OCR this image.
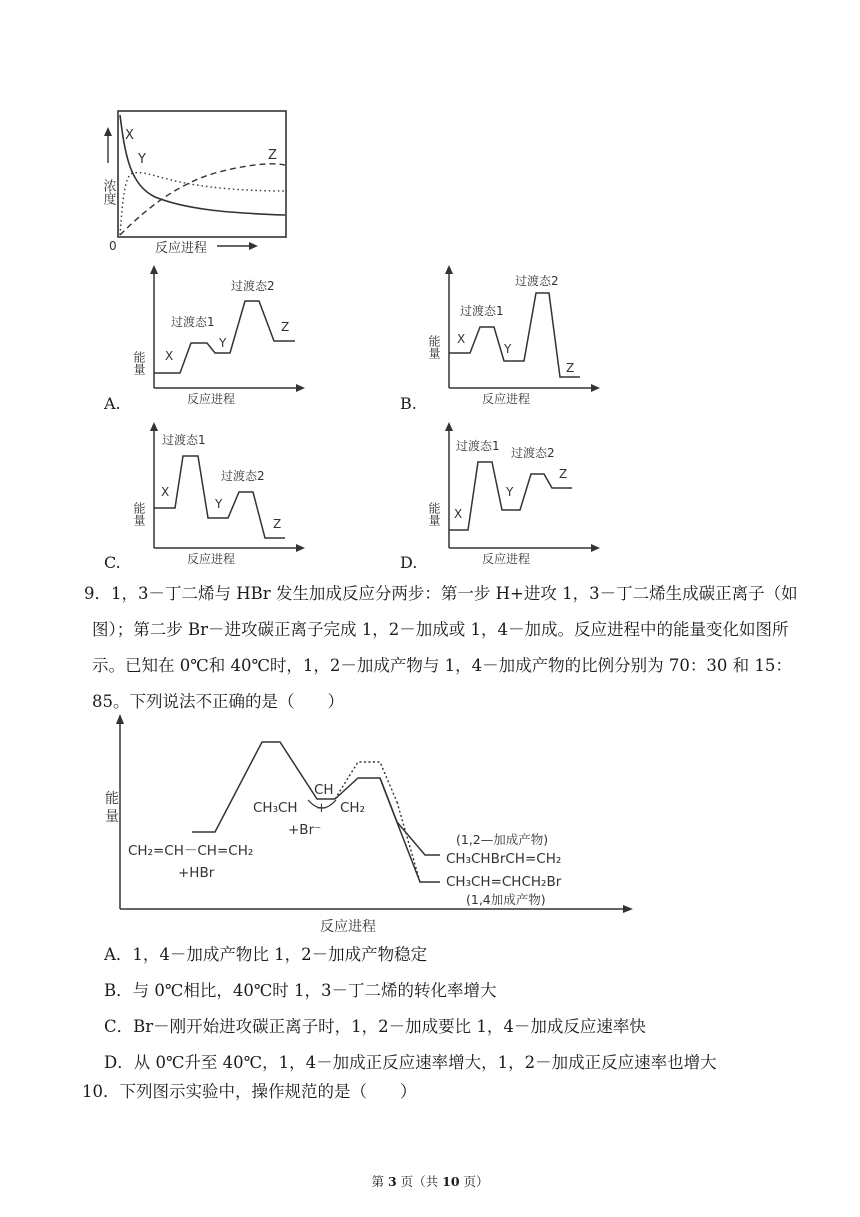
浓度
X
Y	Z
0	反应进程
能量 X
过渡态1
Y
过渡态2
Z
反应进程
A.
能量 X
过渡态1
Y
过渡态2
Z
反应进程
B.
能量
X
过渡态1
Y
过渡态2
Z
反应进程
C.
能量 X
过渡态1
Y
过渡态2
Z
反应进程
D.
9．1，3－丁二烯与 HBr 发生加成反应分两步：第一步 H+进攻 1，3－丁二烯生成碳正离子（如图）；第二步 Br－进攻碳正离子完成 1，2－加成或 1，4－加成。反应进程中的能量变化如图所示。已知在 0℃和 40℃时，1，2－加成产物与 1，4－加成产物的比例分别为 70：30 和 15：85。下列说法不正确的是（　　）
能
量
反应进程
CH₂=CH－CH=CH₂
+HBr
CH
CH₃CH + CH₂
+Br⁻
(1,2—加成产物)
CH₃CHBrCH=CH₂
CH₃CH=CHCH₂Br
(1,4加成产物)
A．1，4－加成产物比 1，2－加成产物稳定
B．与 0℃相比，40℃时 1，3－丁二烯的转化率增大
C．Br－刚开始进攻碳正离子时，1，2－加成要比 1，4－加成反应速率快
D．从 0℃升至 40℃，1，4－加成正反应速率增大，1，2－加成正反应速率也增大
10．下列图示实验中，操作规范的是（　　）
第 3 页（共 10 页）
